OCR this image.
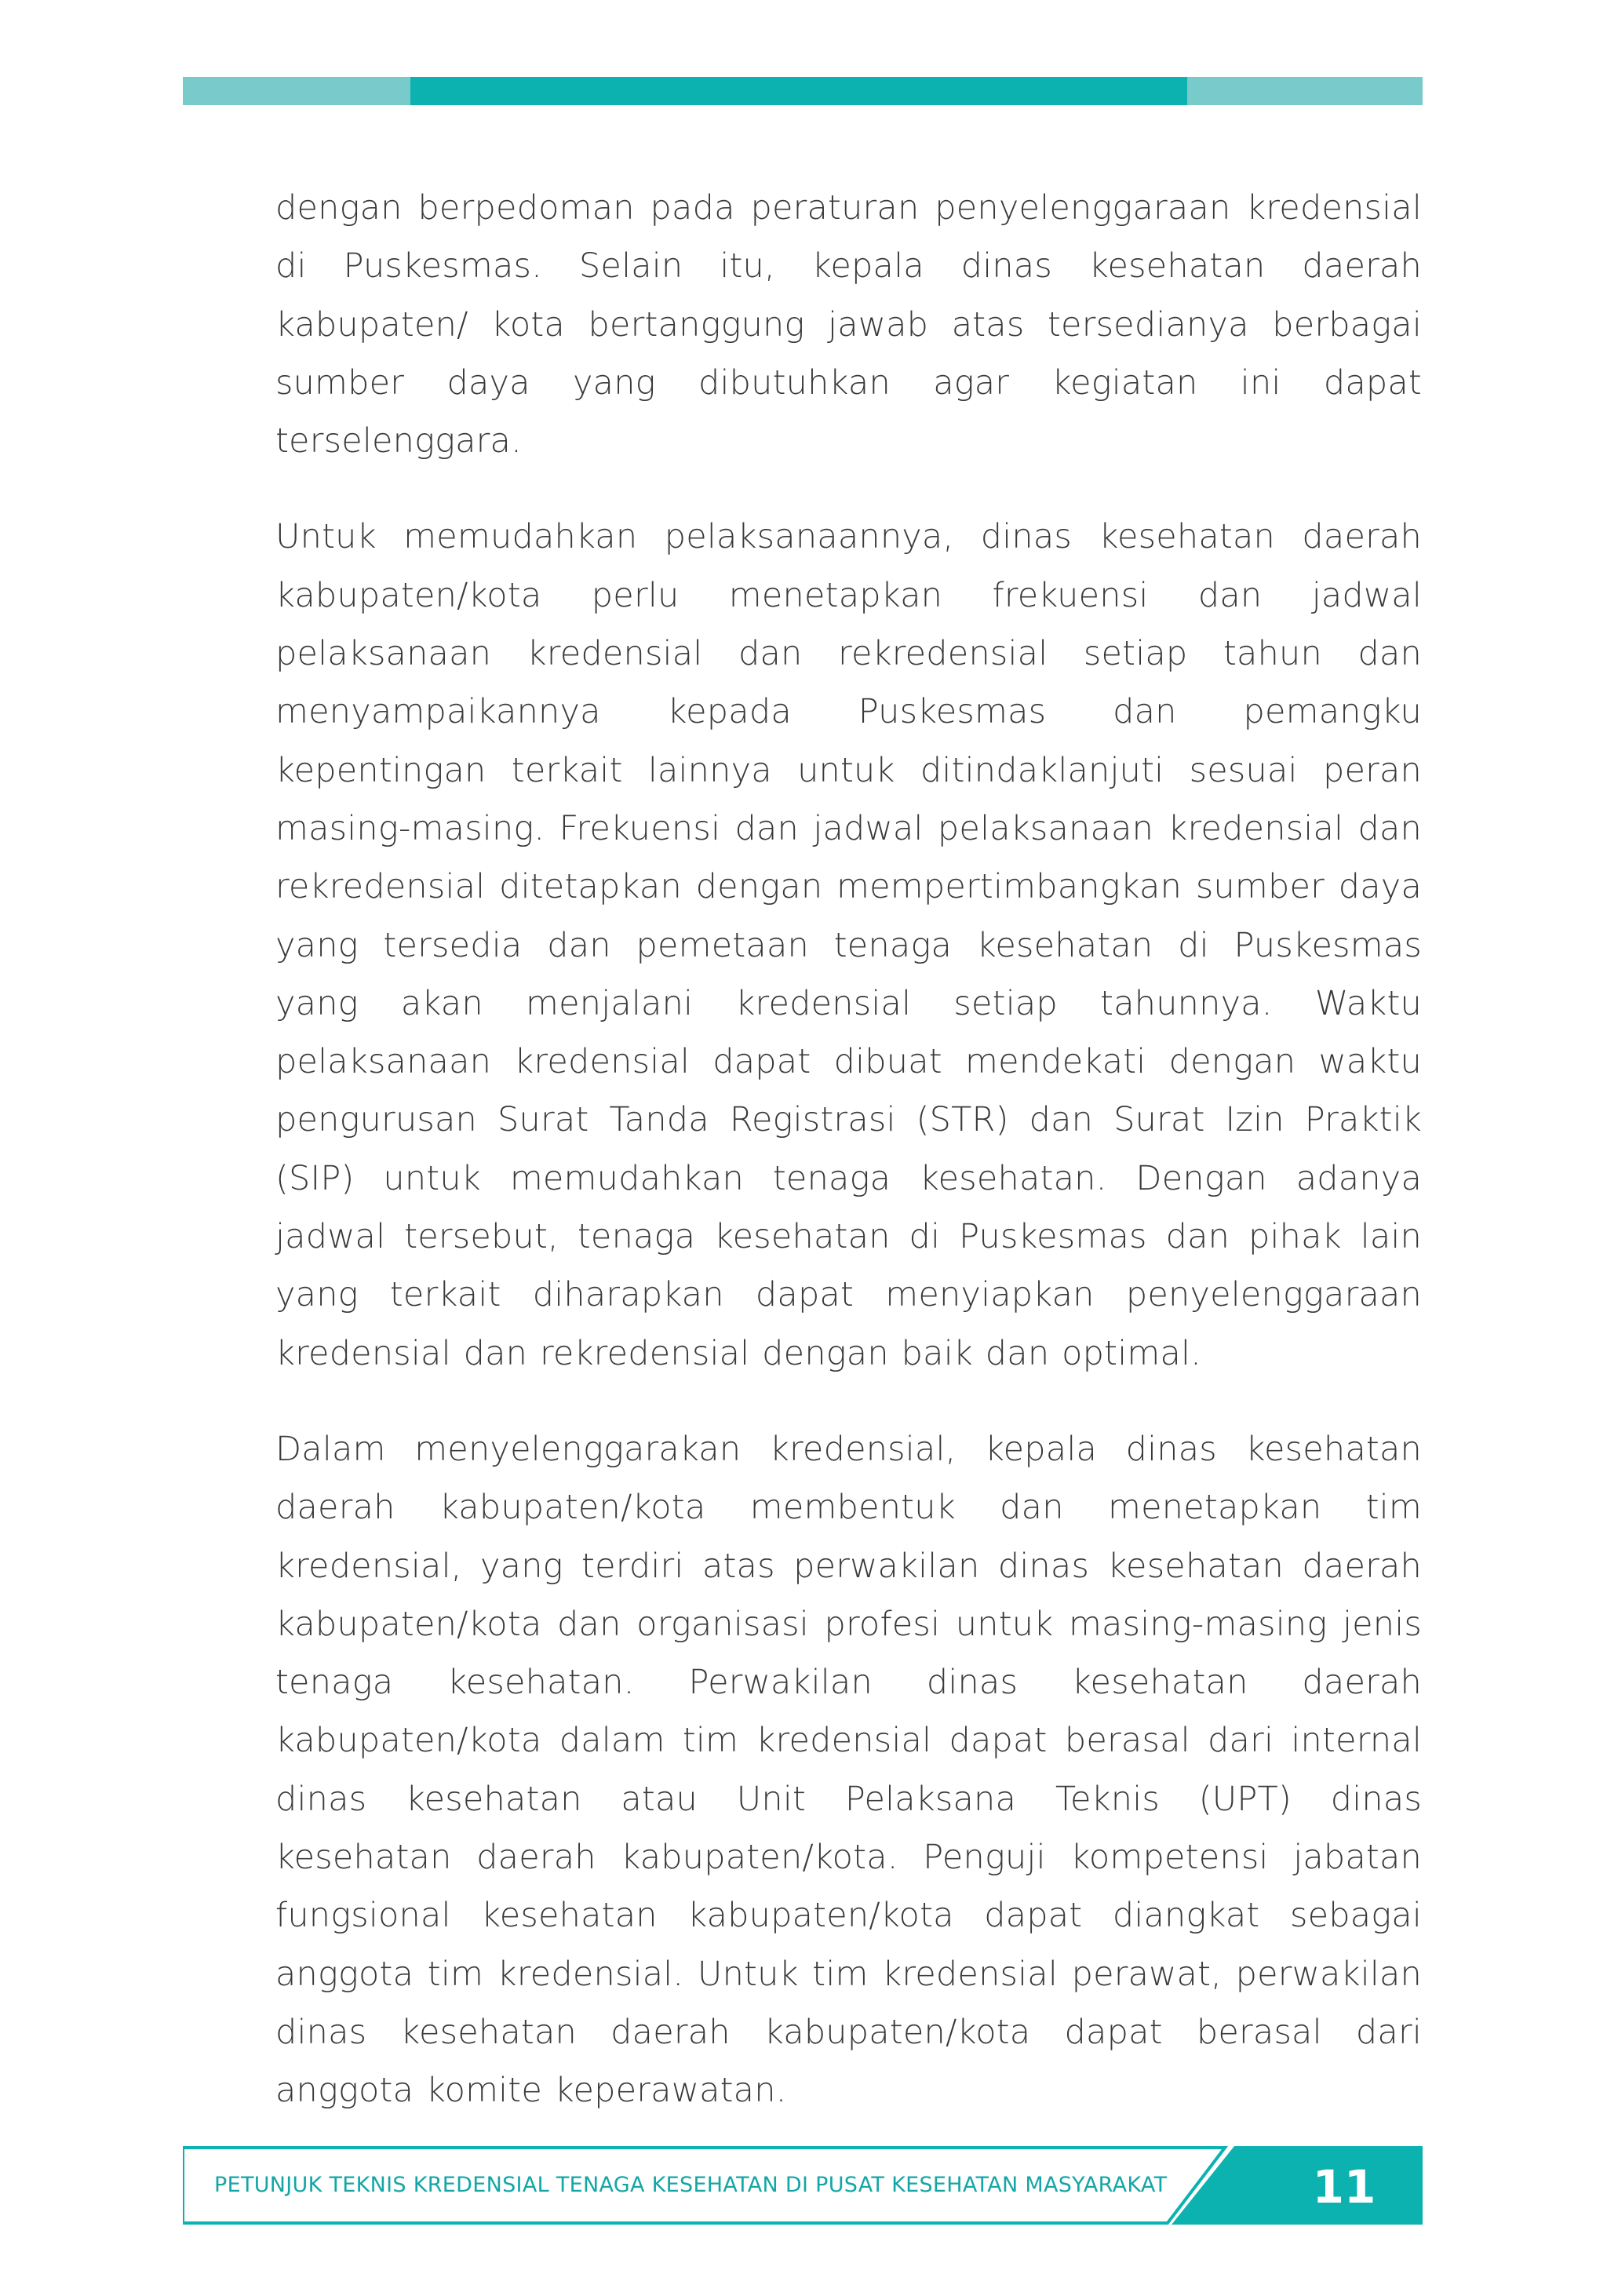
dengan berpedoman pada peraturan penyelenggaraan kredensial di Puskesmas. Selain itu, kepala dinas kesehatan daerah kabupaten/ kota bertanggung jawab atas tersedianya berbagai sumber daya yang dibutuhkan agar kegiatan ini dapat terselenggara.

Untuk memudahkan pelaksanaannya, dinas kesehatan daerah kabupaten/kota perlu menetapkan frekuensi dan jadwal pelaksanaan kredensial dan rekredensial setiap tahun dan menyampaikannya kepada Puskesmas dan pemangku kepentingan terkait lainnya untuk ditindaklanjuti sesuai peran masing-masing. Frekuensi dan jadwal pelaksanaan kredensial dan rekredensial ditetapkan dengan mempertimbangkan sumber daya yang tersedia dan pemetaan tenaga kesehatan di Puskesmas yang akan menjalani kredensial setiap tahunnya. Waktu pelaksanaan kredensial dapat dibuat mendekati dengan waktu pengurusan Surat Tanda Registrasi (STR) dan Surat Izin Praktik (SIP) untuk memudahkan tenaga kesehatan. Dengan adanya jadwal tersebut, tenaga kesehatan di Puskesmas dan pihak lain yang terkait diharapkan dapat menyiapkan penyelenggaraan kredensial dan rekredensial dengan baik dan optimal.

Dalam menyelenggarakan kredensial, kepala dinas kesehatan daerah kabupaten/kota membentuk dan menetapkan tim kredensial, yang terdiri atas perwakilan dinas kesehatan daerah kabupaten/kota dan organisasi profesi untuk masing-masing jenis tenaga kesehatan. Perwakilan dinas kesehatan daerah kabupaten/kota dalam tim kredensial dapat berasal dari internal dinas kesehatan atau Unit Pelaksana Teknis (UPT) dinas kesehatan daerah kabupaten/kota. Penguji kompetensi jabatan fungsional kesehatan kabupaten/kota dapat diangkat sebagai anggota tim kredensial. Untuk tim kredensial perawat, perwakilan dinas kesehatan daerah kabupaten/kota dapat berasal dari anggota komite keperawatan.

PETUNJUK TEKNIS KREDENSIAL TENAGA KESEHATAN DI PUSAT KESEHATAN MASYARAKAT	11
